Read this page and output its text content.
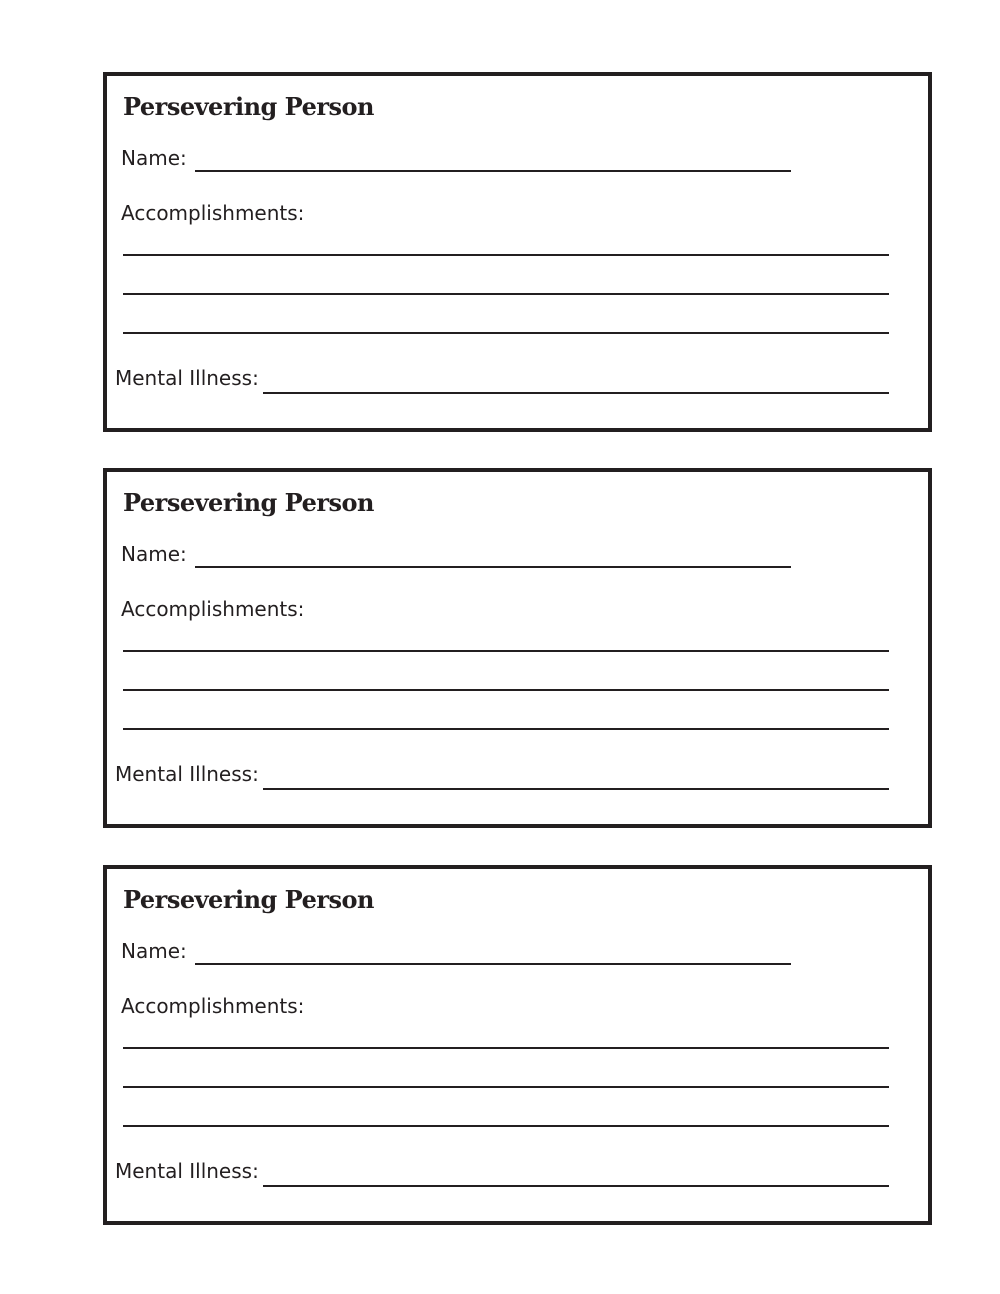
Persevering Person
Name:
Accomplishments:
Mental Illness:
Persevering Person
Name:
Accomplishments:
Mental Illness:
Persevering Person
Name:
Accomplishments:
Mental Illness:
